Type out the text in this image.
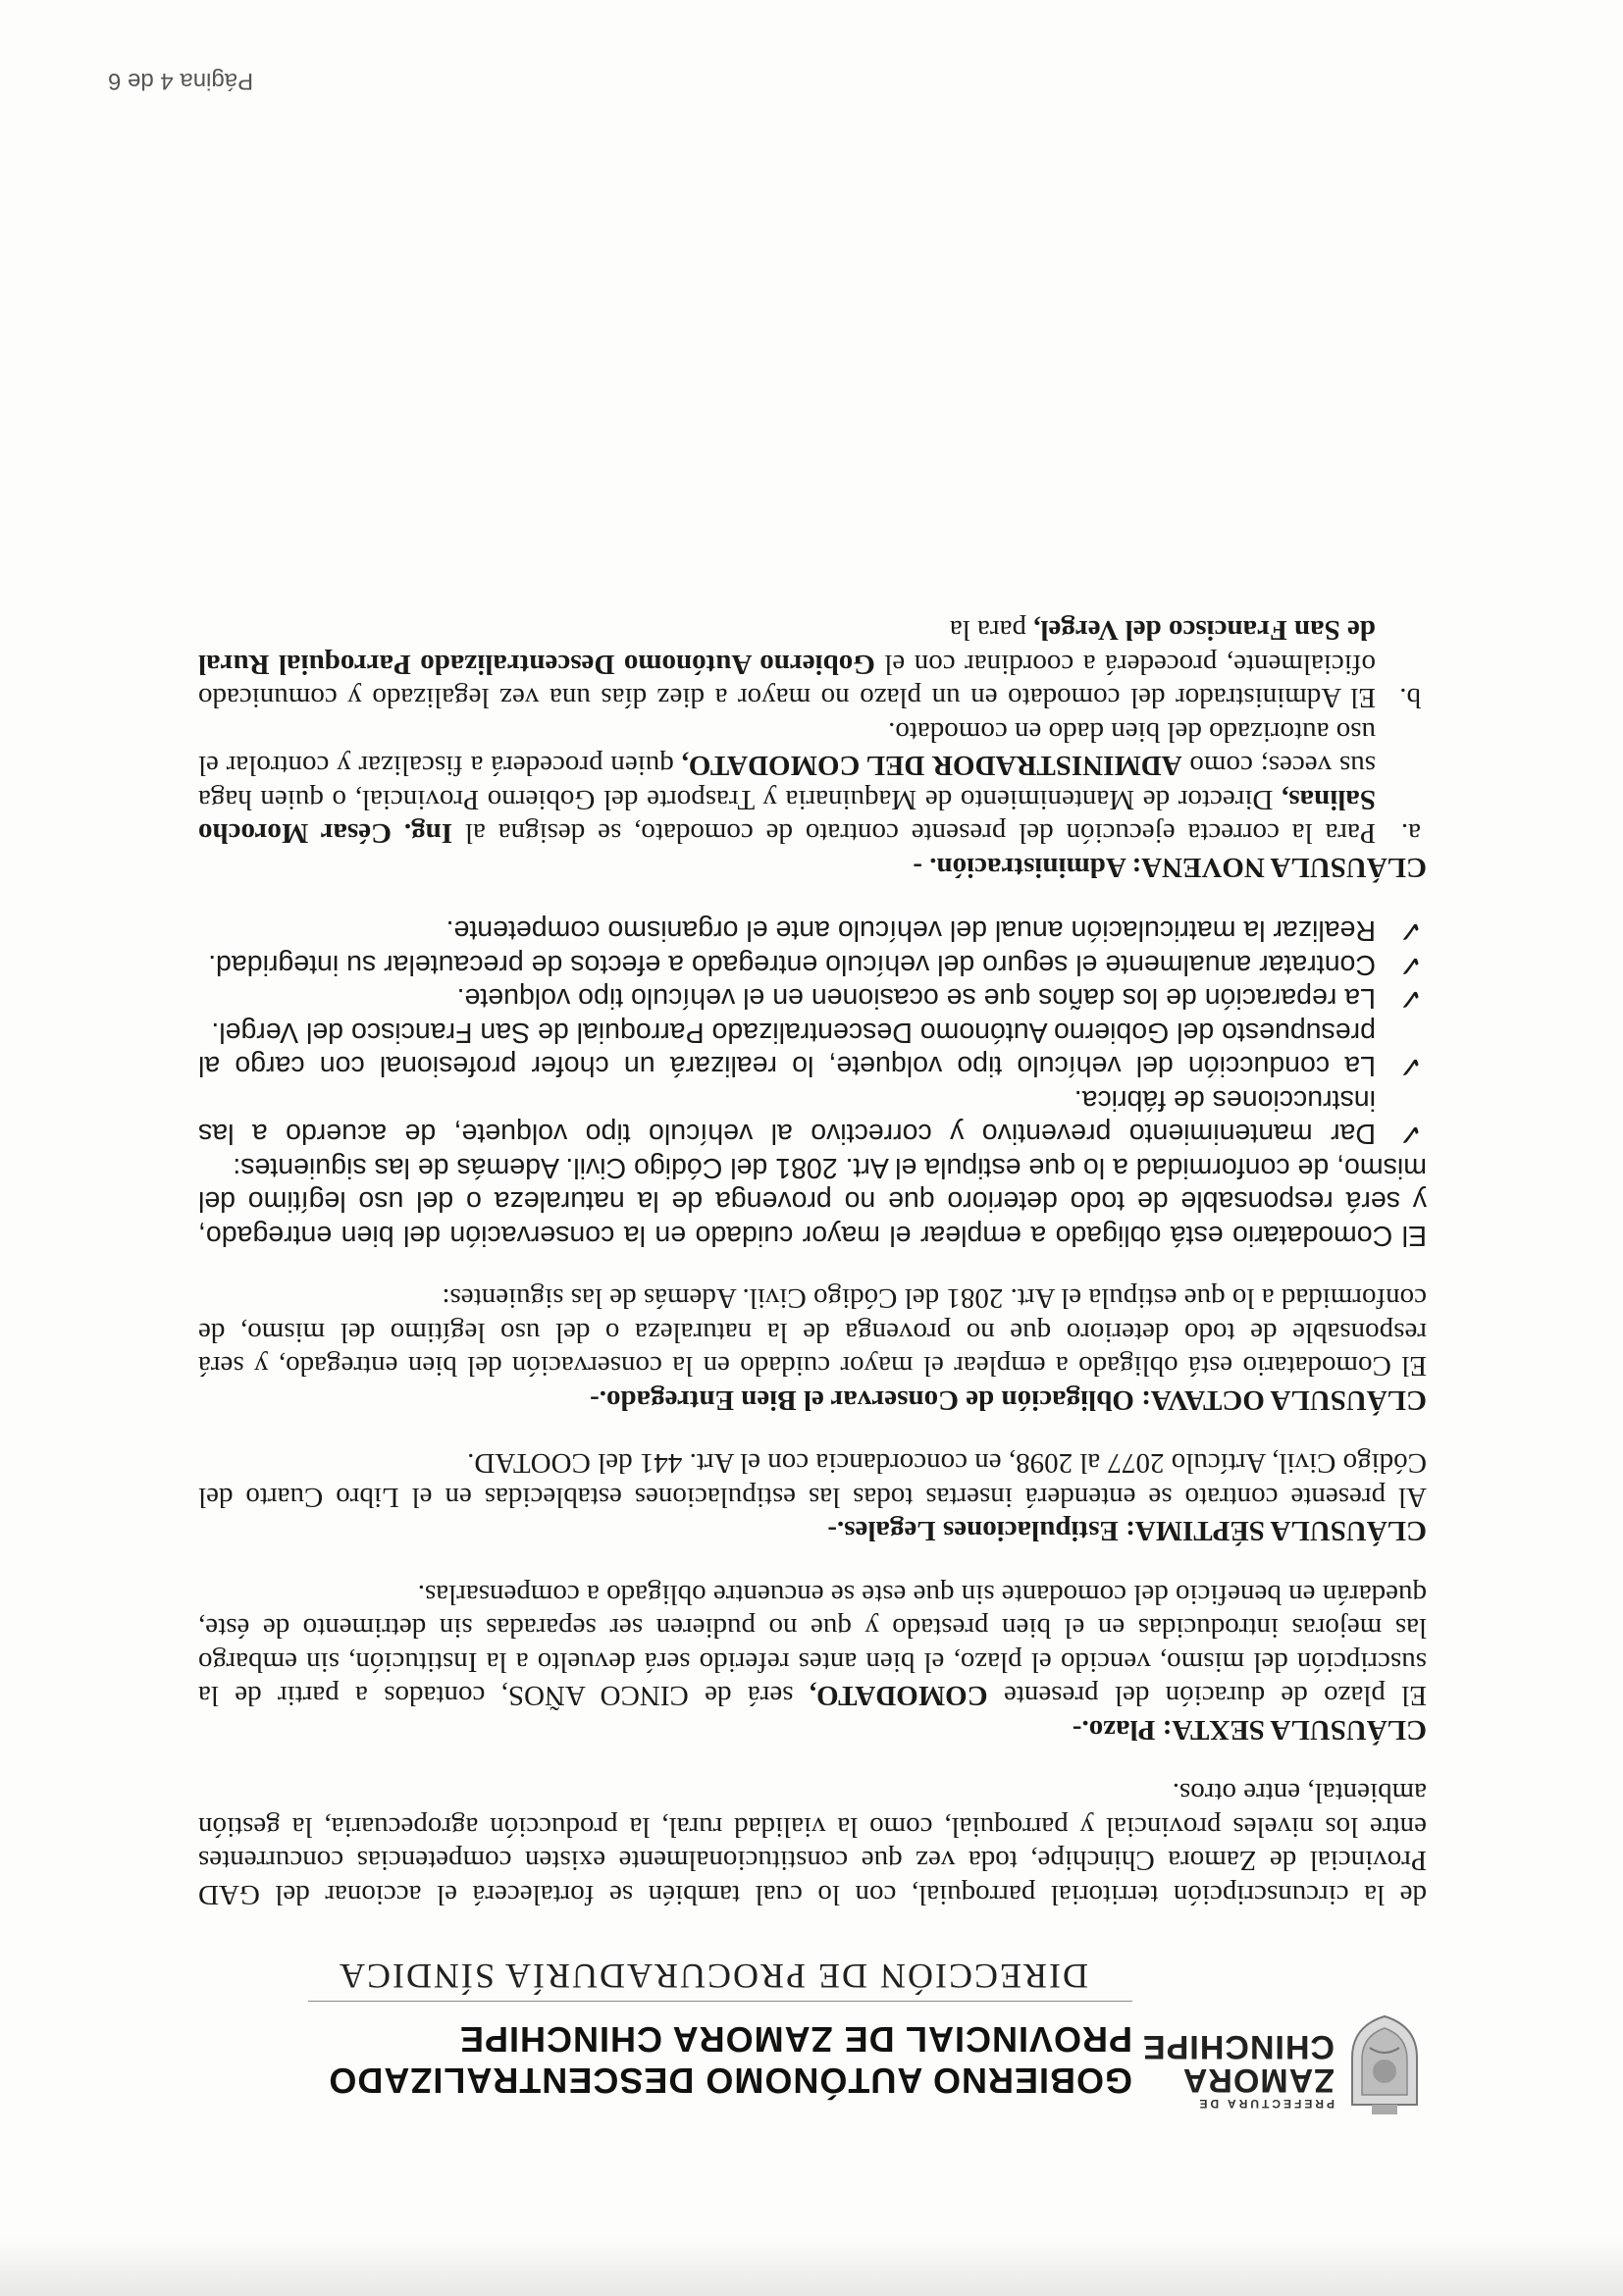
PREFECTURA DE
ZAMORA
CHINCHIPE
GOBIERNO AUTÓNOMO DESCENTRALIZADO
PROVINCIAL DE ZAMORA CHINCHIPE
DIRECCIÓN DE PROCURADURÍA SÍNDICA

de la circunscripción territorial parroquial, con lo cual también se fortalecerá el accionar del GAD Provincial de Zamora Chinchipe, toda vez que constitucionalmente existen competencias concurrentes entre los niveles provincial y parroquial, como la vialidad rural, la producción agropecuaria, la gestión ambiental, entre otros.

CLÁUSULA SEXTA: Plazo.-

El plazo de duración del presente COMODATO, será de CINCO AÑOS, contados a partir de la suscripción del mismo, vencido el plazo, el bien antes referido será devuelto a la Institución, sin embargo las mejoras introducidas en el bien prestado y que no pudieren ser separadas sin detrimento de éste, quedarán en beneficio del comodante sin que este se encuentre obligado a compensarlas.

CLÁUSULA SÉPTIMA: Estipulaciones Legales.-

Al presente contrato se entenderá insertas todas las estipulaciones establecidas en el Libro Cuarto del Código Civil, Artículo 2077 al 2098, en concordancia con el Art. 441 del COOTAD.

CLÁUSULA OCTAVA: Obligación de Conservar el Bien Entregado.-

El Comodatario está obligado a emplear el mayor cuidado en la conservación del bien entregado, y será responsable de todo deterioro que no provenga de la naturaleza o del uso legítimo del mismo, de conformidad a lo que estipula el Art. 2081 del Código Civil. Además de las siguientes:

El Comodatario está obligado a emplear el mayor cuidado en la conservación del bien entregado, y será responsable de todo deterioro que no provenga de la naturaleza o del uso legítimo del mismo, de conformidad a lo que estipula el Art. 2081 del Código Civil. Además de las siguientes:

✓
Dar mantenimiento preventivo y correctivo al vehículo tipo volquete, de acuerdo a las instrucciones de fábrica.
✓
La conducción del vehículo tipo volquete, lo realizará un chofer profesional con cargo al presupuesto del Gobierno Autónomo Descentralizado Parroquial de San Francisco del Vergel.
✓
La reparación de los daños que se ocasionen en el vehículo tipo volquete.
✓
Contratar anualmente el seguro del vehículo entregado a efectos de precautelar su integridad.
✓
Realizar la matriculación anual del vehículo ante el organismo competente.

CLÁUSULA NOVENA: Administración. -

a.
Para la correcta ejecución del presente contrato de comodato, se designa al Ing. César Morocho Salinas, Director de Mantenimiento de Maquinaria y Trasporte del Gobierno Provincial, o quien haga sus veces; como ADMINISTRADOR DEL COMODATO, quien procederá a fiscalizar y controlar el uso autorizado del bien dado en comodato.
b.
El Administrador del comodato en un plazo no mayor a diez días una vez legalizado y comunicado oficialmente, procederá a coordinar con el Gobierno Autónomo Descentralizado Parroquial Rural de San Francisco del Vergel, para la
Página 4 de 6
